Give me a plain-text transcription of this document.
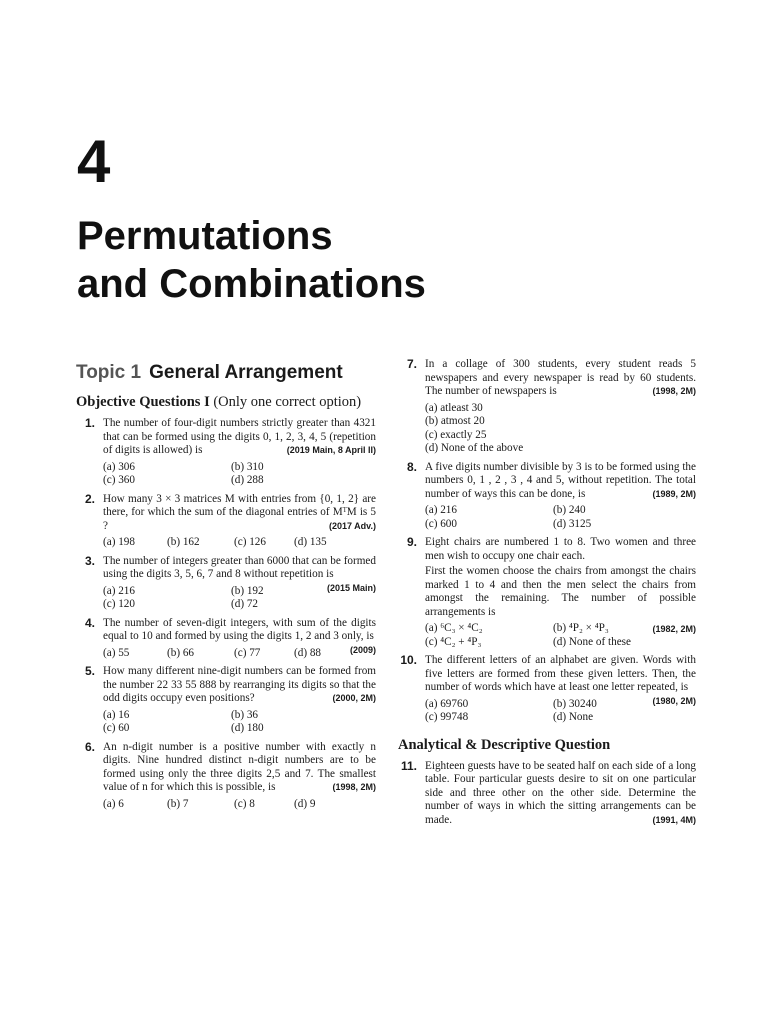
4
Permutations
and Combinations
Topic 1 General Arrangement
Objective Questions I (Only one correct option)
1. The number of four-digit numbers strictly greater than 4321 that can be formed using the digits 0, 1, 2, 3, 4, 5 (repetition of digits is allowed) is	(2019 Main, 8 April II)
(a) 306	(b) 310
(c) 360	(d) 288
2. How many 3 × 3 matrices M with entries from {0, 1, 2} are there, for which the sum of the diagonal entries of MᵀM is 5 ?	(2017 Adv.)
(a) 198	(b) 162	(c) 126	(d) 135
3. The number of integers greater than 6000 that can be formed using the digits 3, 5, 6, 7 and 8 without repetition is
(2015 Main)
(a) 216	(b) 192
(c) 120	(d) 72
4. The number of seven-digit integers, with sum of the digits equal to 10 and formed by using the digits 1, 2 and 3 only, is
(2009)
(a) 55	(b) 66	(c) 77	(d) 88
5. How many different nine-digit numbers can be formed from the number 22 33 55 888 by rearranging its digits so that the odd digits occupy even positions?	(2000, 2M)
(a) 16	(b) 36
(c) 60	(d) 180
6. An n-digit number is a positive number with exactly n digits. Nine hundred distinct n-digit numbers are to be formed using only the three digits 2,5 and 7. The smallest value of n for which this is possible, is	(1998, 2M)
(a) 6	(b) 7	(c) 8	(d) 9
7. In a collage of 300 students, every student reads 5 newspapers and every newspaper is read by 60 students. The number of newspapers is	(1998, 2M)
(a) atleast 30
(b) atmost 20
(c) exactly 25
(d) None of the above
8. A five digits number divisible by 3 is to be formed using the numbers 0, 1 , 2 , 3 , 4 and 5, without repetition. The total number of ways this can be done, is	(1989, 2M)
(a) 216	(b) 240
(c) 600	(d) 3125
9. Eight chairs are numbered 1 to 8. Two women and three men wish to occupy one chair each.

First the women choose the chairs from amongst the chairs marked 1 to 4 and then the men select the chairs from amongst the remaining. The number of possible arrangements is

(a) ⁶C₃ × ⁴C₂	(b) ⁴P₂ × ⁴P₃
(c) ⁴C₂ + ⁴P₃	(d) None of these
(1982, 2M)
10. The different letters of an alphabet are given. Words with five letters are formed from these given letters. Then, the number of words which have at least one letter repeated, is
(1980, 2M)
(a) 69760	(b) 30240
(c) 99748	(d) None
Analytical & Descriptive Question
11. Eighteen guests have to be seated half on each side of a long table. Four particular guests desire to sit on one particular side and three other on the other side. Determine the number of ways in which the sitting arrangements can be made.	(1991, 4M)
